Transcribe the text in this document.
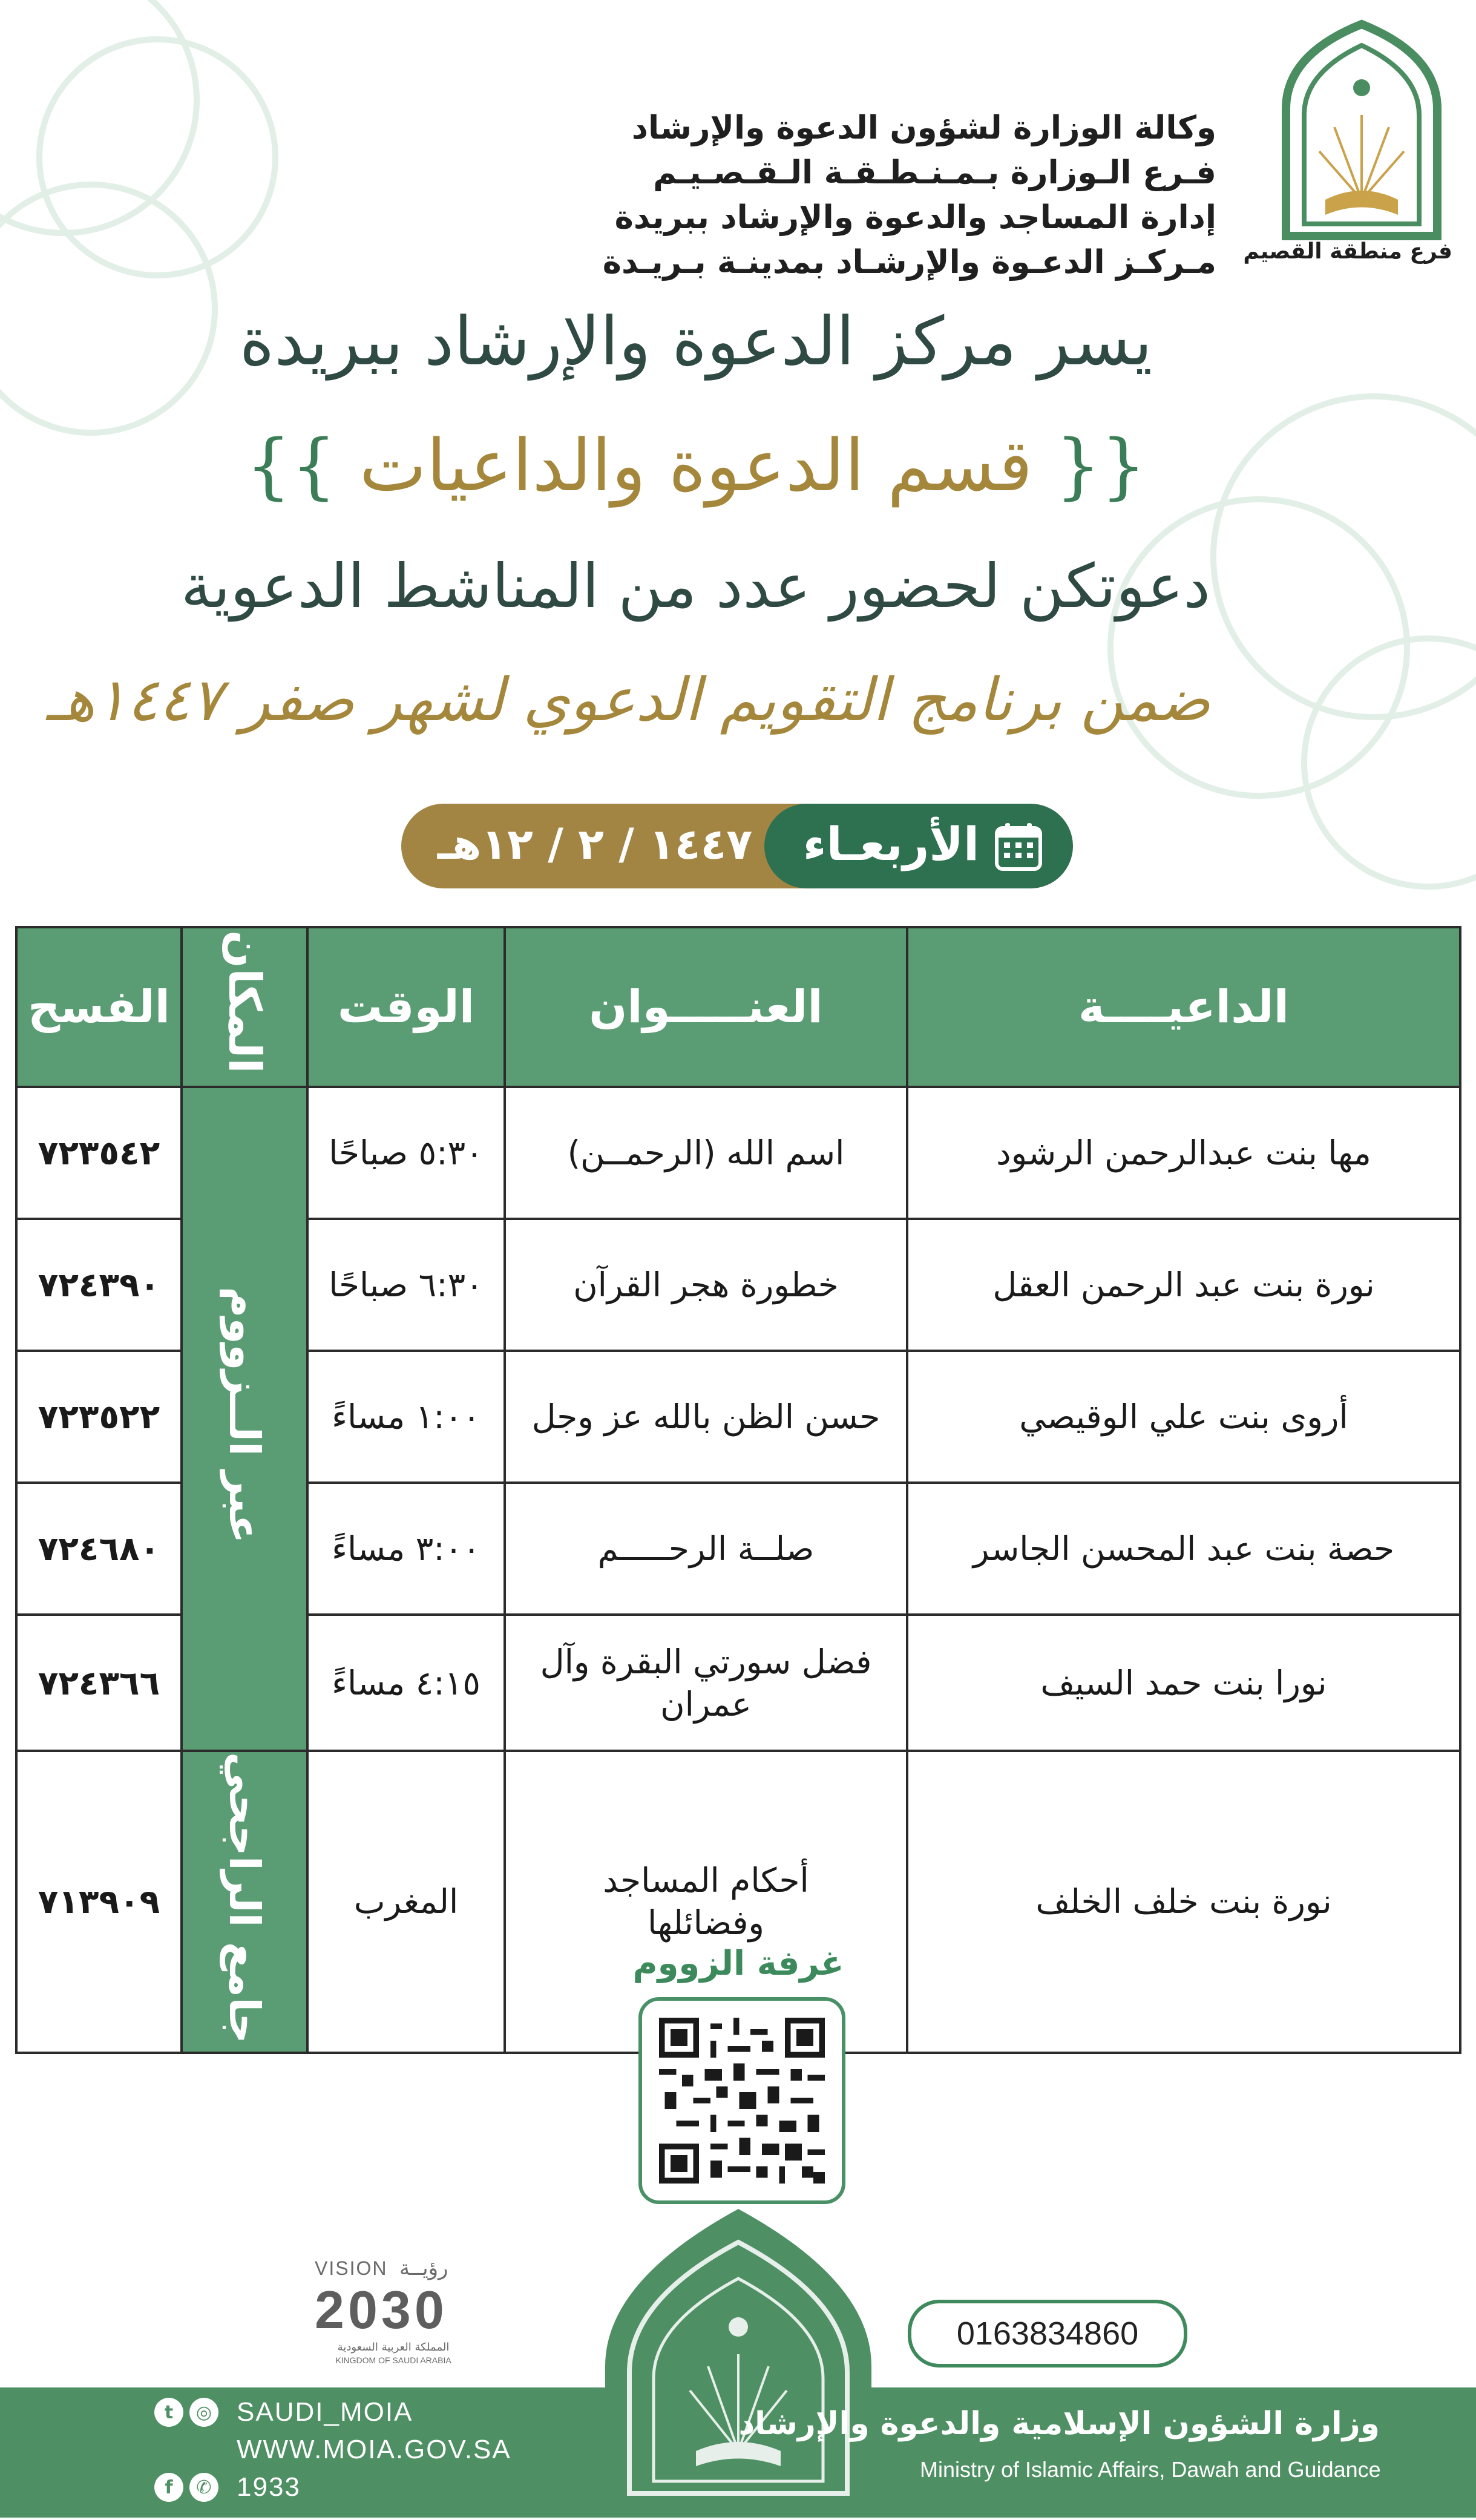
وكالة الوزارة لشؤون الدعوة والإرشاد
فـرع الـوزارة بـمـنـطـقـة الـقـصـيـم
إدارة المساجد والدعوة والإرشاد ببريدة
مـركـز الدعـوة والإرشـاد بمدينـة بـريـدة فرع منطقة القصيم
يسر مركز الدعوة والإرشاد ببريدة
{{ قسم الدعوة والداعيات }}
دعوتكن لحضور عدد من المناشط الدعوية
ضمن برنامج التقويم الدعوي لشهر صفر ١٤٤٧هـ
١٤٤٧ / ٢ / ١٢هـ الأربعـاء
الفسح	المكان	الوقت	العنـــــوان	الداعيــــة

٧٢٣٥٤٢	عبر الــزووم	٥:٣٠ صباحًا	اسم الله (الرحمــن)	مها بنت عبدالرحمن الرشود

٧٢٤٣٩٠		٦:٣٠ صباحًا	خطورة هجر القرآن	نورة بنت عبد الرحمن العقل

٧٢٣٥٢٢		١:٠٠ مساءً	حسن الظن بالله عز وجل	أروى بنت علي الوقيصي

٧٢٤٦٨٠		٣:٠٠ مساءً	صلــة الرحـــــم	حصة بنت عبد المحسن الجاسر

٧٢٤٣٦٦		٤:١٥ مساءً	فضل سورتي البقرة وآل عمران	نورا بنت حمد السيف

٧١٣٩٠٩	جامع الراجحي	المغرب	أحكام المساجد وفضائلها	نورة بنت خلف الخلف
غرفة الزووم
VISION رؤيــة
2030
المملكة العربية السعودية
KINGDOM OF SAUDI ARABIA
0163834860
t	◎ SAUDI_MOIA
WWW.MOIA.GOV.SA
f	✆ 1933
وزارة الشؤون الإسلامية والدعوة والإرشاد
Ministry of Islamic Affairs, Dawah and Guidance
